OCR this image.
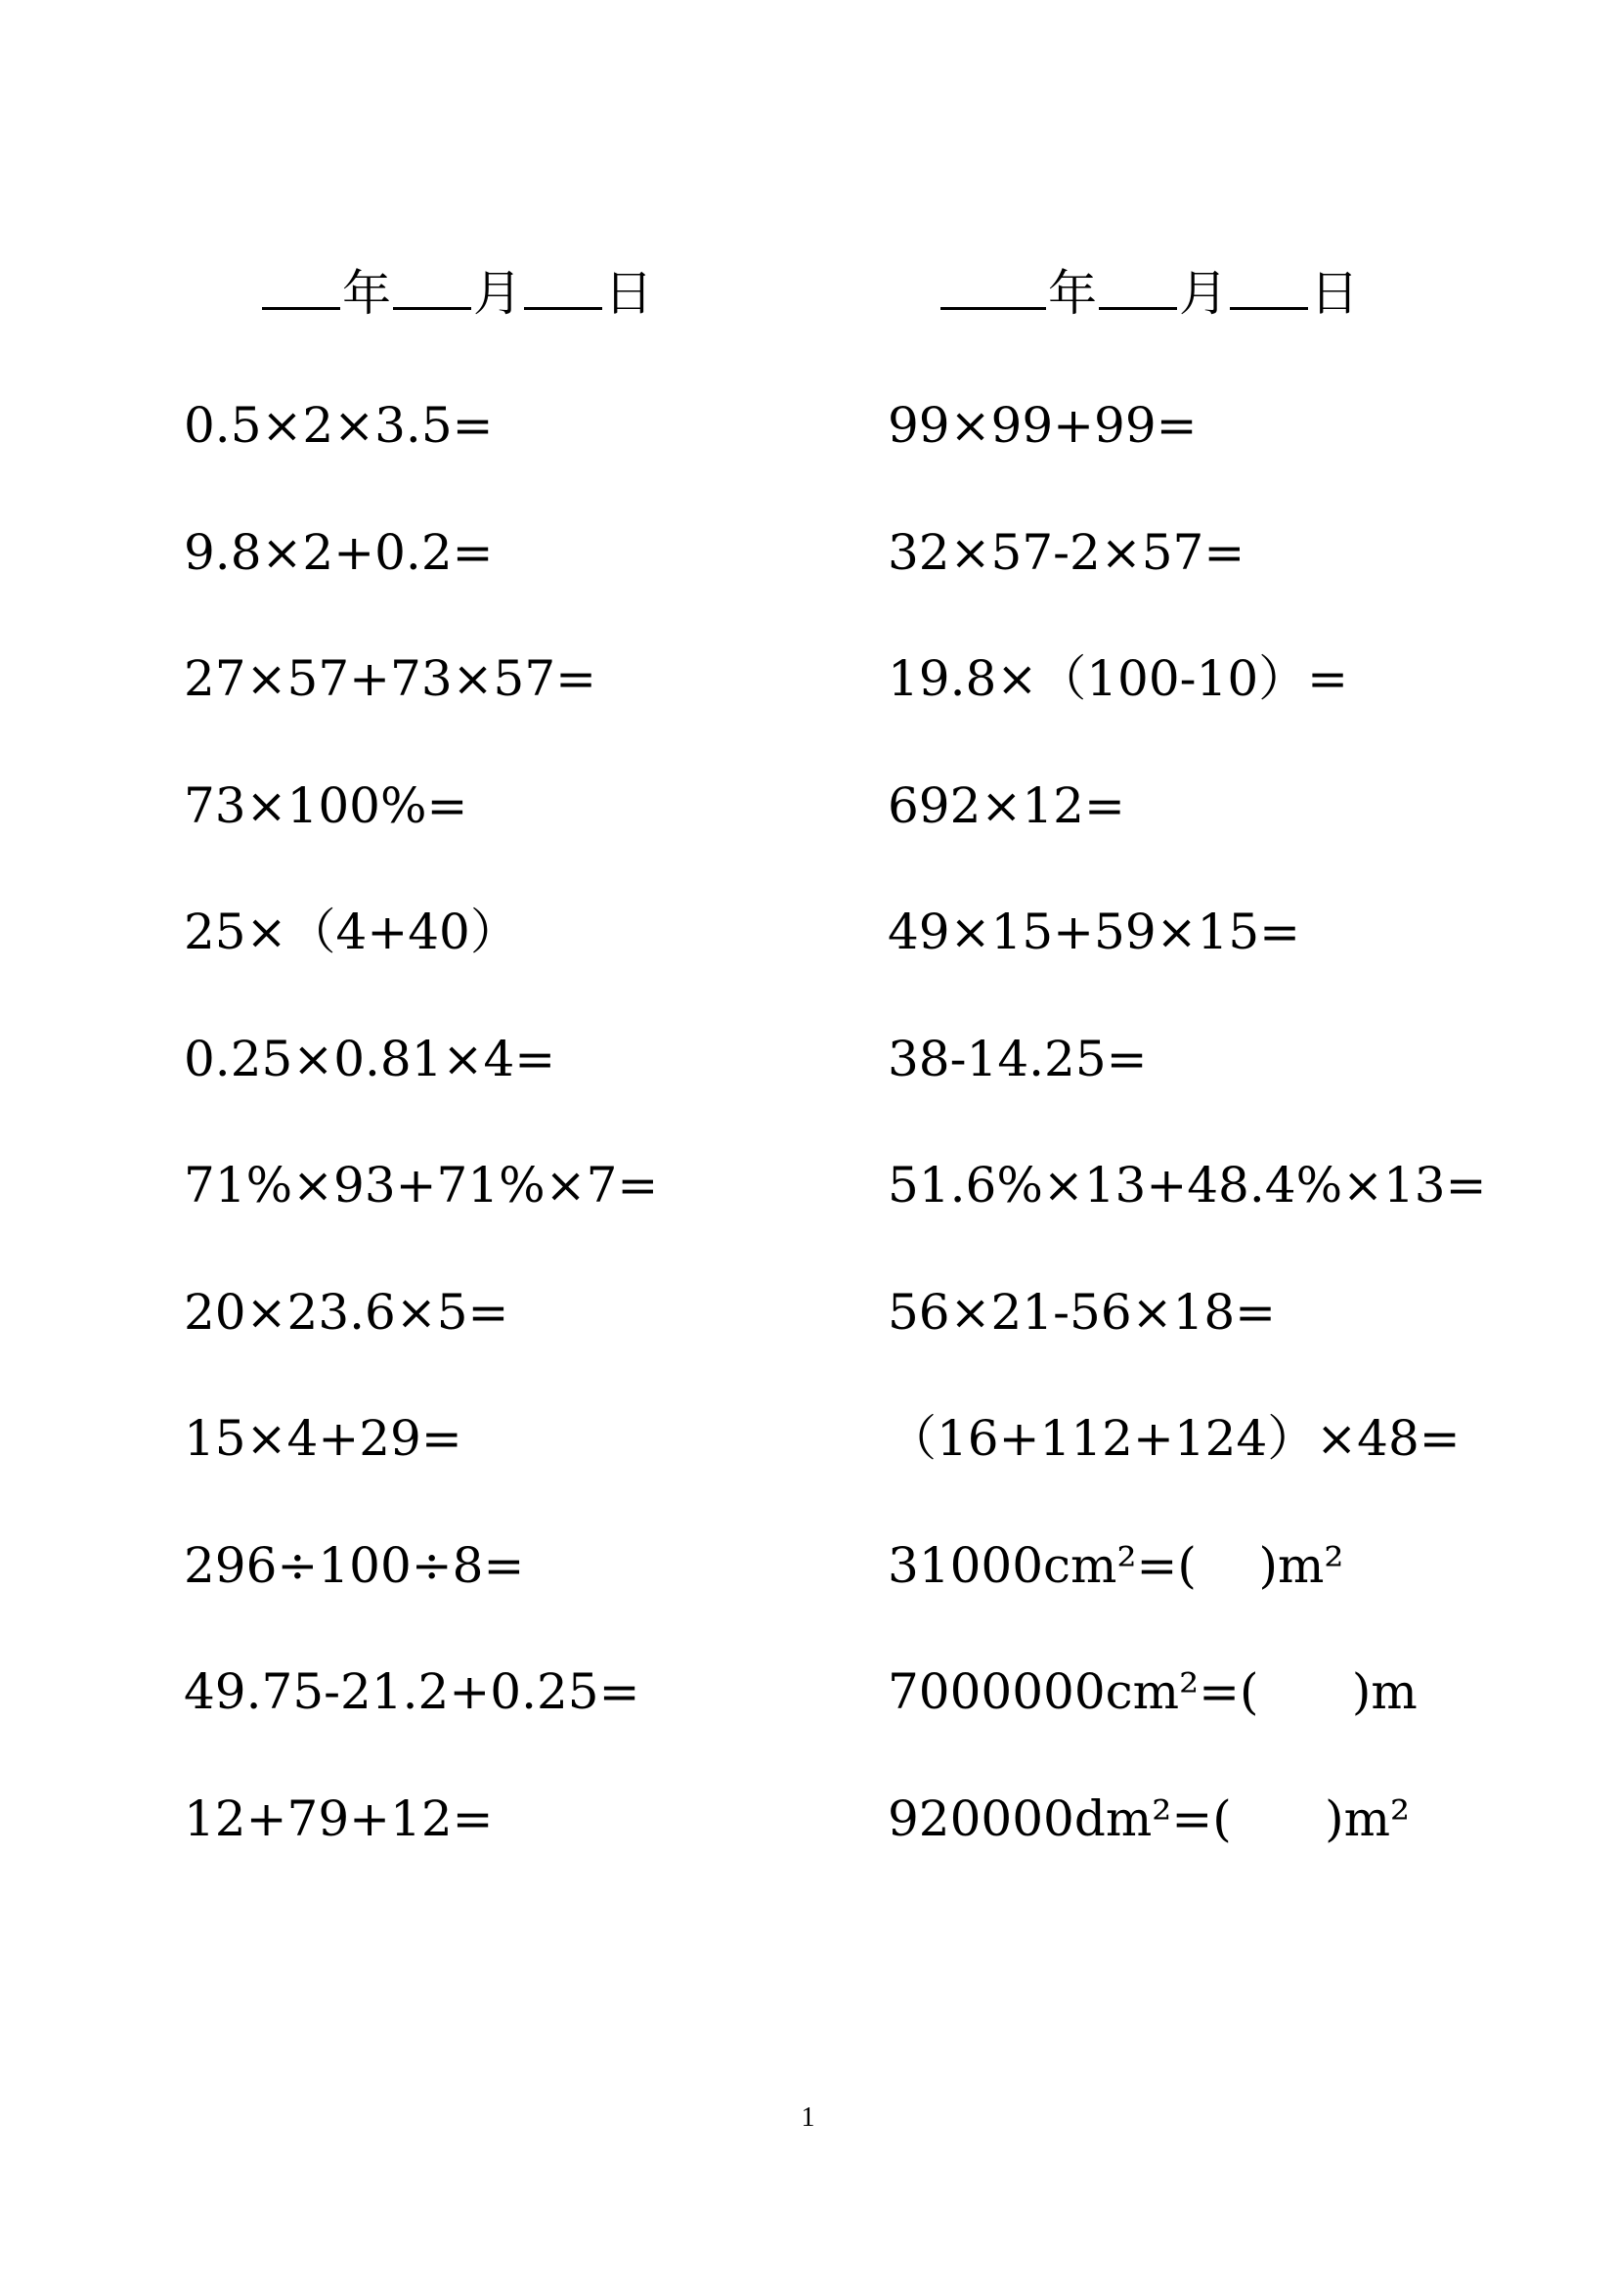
年 月 日	年 月 日
0.5×2×3.5=
9.8×2+0.2=
27×57+73×57=
73×100%=
25×（4+40）
0.25×0.81×4=
71%×93+71%×7=
20×23.6×5=
15×4+29=
296÷100÷8=
49.75-21.2+0.25=
12+79+12=
99×99+99=
32×57-2×57=
19.8×（100-10）=
692×12=
49×15+59×15=
38-14.25=
51.6%×13+48.4%×13=
56×21-56×18=
（16+112+124）×48=
31000cm²=(    )m²
7000000cm²=(      )m
920000dm²=(      )m²
1
